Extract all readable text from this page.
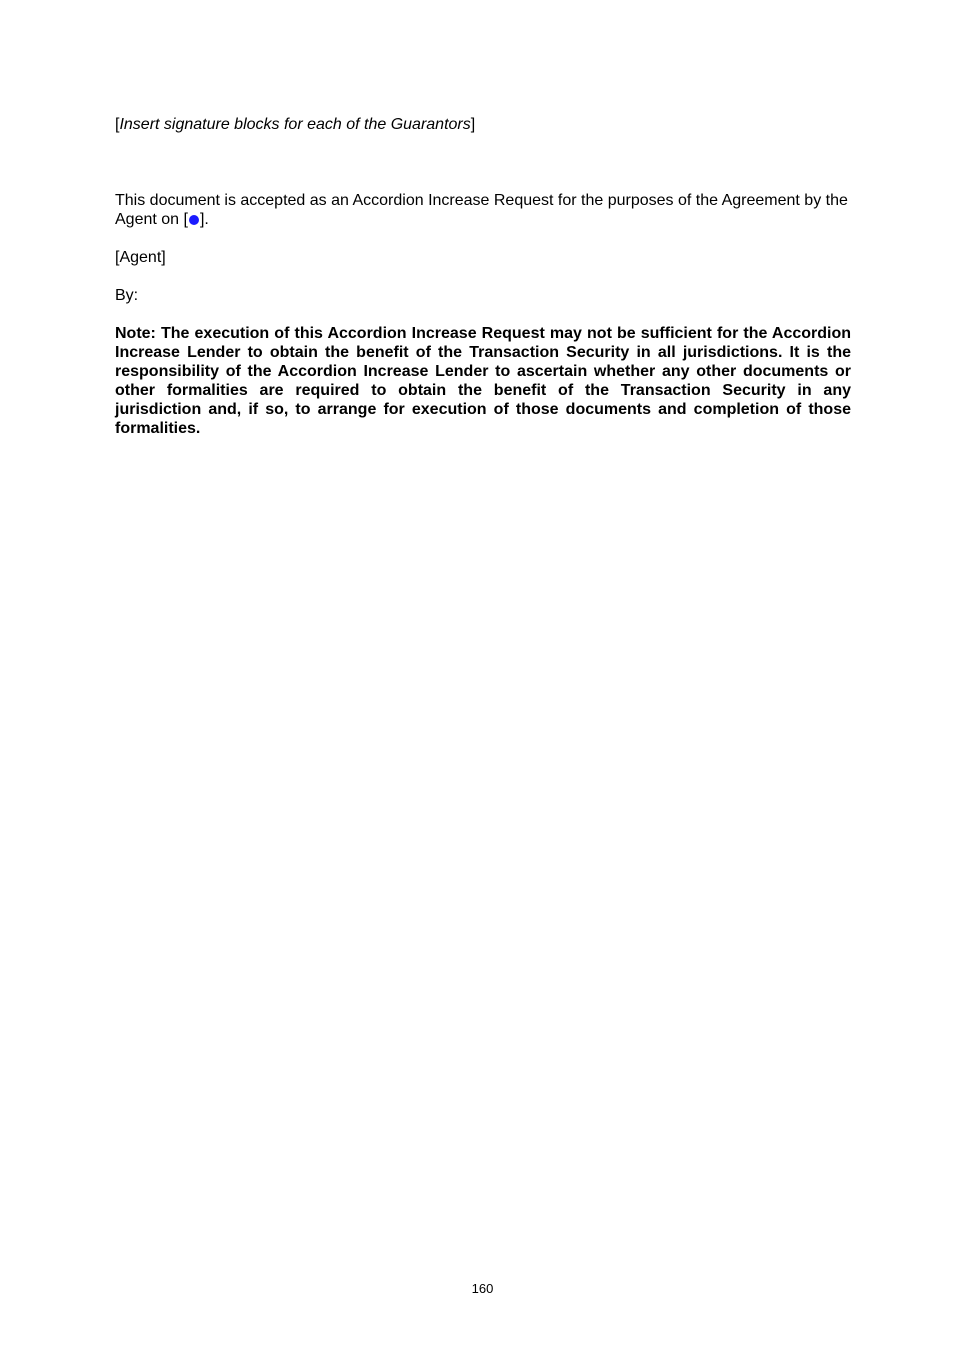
[Insert signature blocks for each of the Guarantors]

This document is accepted as an Accordion Increase Request for the purposes of the Agreement by the Agent on [ ].

[Agent]

By:

Note: The execution of this Accordion Increase Request may not be sufficient for the Accordion Increase Lender to obtain the benefit of the Transaction Security in all jurisdictions. It is the responsibility of the Accordion Increase Lender to ascertain whether any other documents or other formalities are required to obtain the benefit of the Transaction Security in any jurisdiction and, if so, to arrange for execution of those documents and completion of those formalities.

160
